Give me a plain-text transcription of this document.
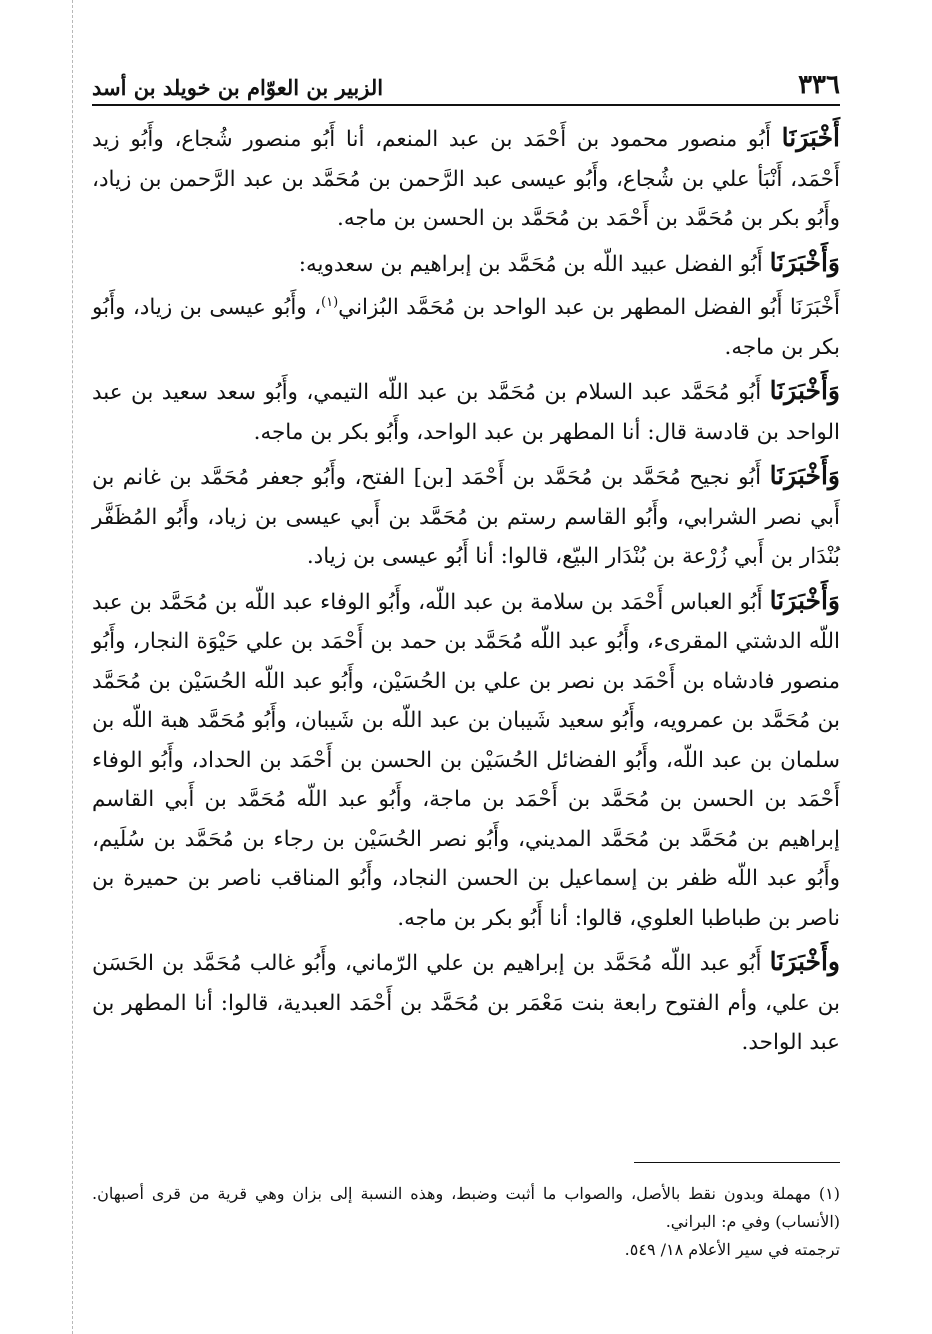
٣٣٦
الزبير بن العوّام بن خويلد بن أسد

أَخْبَرَنَا أَبُو منصور محمود بن أَحْمَد بن عبد المنعم، أنا أَبُو منصور شُجاع، وأَبُو زيد أَحْمَد، أَنْبَأ علي بن شُجاع، وأَبُو عيسى عبد الرَّحمن بن مُحَمَّد بن عبد الرَّحمن بن زياد، وأَبُو بكر بن مُحَمَّد بن أَحْمَد بن مُحَمَّد بن الحسن بن ماجه.

وَأَخْبَرَنَا أَبُو الفضل عبيد اللّه بن مُحَمَّد بن إبراهيم بن سعدويه:

أَخْبَرَنَا أَبُو الفضل المطهر بن عبد الواحد بن مُحَمَّد البُزاني$^{(١)}$، وأَبُو عيسى بن زياد، وأَبُو بكر بن ماجه.

وَأَخْبَرَنَا أَبُو مُحَمَّد عبد السلام بن مُحَمَّد بن عبد اللّه التيمي، وأَبُو سعد سعيد بن عبد الواحد بن قادسة قال: أنا المطهر بن عبد الواحد، وأَبُو بكر بن ماجه.

وَأَخْبَرَنَا أَبُو نجيح مُحَمَّد بن مُحَمَّد بن أَحْمَد [بن] الفتح، وأَبُو جعفر مُحَمَّد بن غانم بن أَبي نصر الشرابي، وأَبُو القاسم رستم بن مُحَمَّد بن أَبي عيسى بن زياد، وأَبُو المُظَفَّر بُنْدَار بن أَبي زُرْعة بن بُنْدَار البيّع، قالوا: أنا أَبُو عيسى بن زياد.

وَأَخْبَرَنَا أَبُو العباس أَحْمَد بن سلامة بن عبد اللّه، وأَبُو الوفاء عبد اللّه بن مُحَمَّد بن عبد اللّه الدشتي المقرىء، وأَبُو عبد اللّه مُحَمَّد بن حمد بن أَحْمَد بن علي حَيْوَة النجار، وأَبُو منصور فادشاه بن أَحْمَد بن نصر بن علي بن الحُسَيْن، وأَبُو عبد اللّه الحُسَيْن بن مُحَمَّد بن مُحَمَّد بن عمرويه، وأَبُو سعيد شَيبان بن عبد اللّه بن شَيبان، وأَبُو مُحَمَّد هبة اللّه بن سلمان بن عبد اللّه، وأَبُو الفضائل الحُسَيْن بن الحسن بن أَحْمَد بن الحداد، وأَبُو الوفاء أَحْمَد بن الحسن بن مُحَمَّد بن أَحْمَد بن ماجة، وأَبُو عبد اللّه مُحَمَّد بن أَبي القاسم إبراهيم بن مُحَمَّد بن مُحَمَّد المديني، وأَبُو نصر الحُسَيْن بن رجاء بن مُحَمَّد بن سُلَيم، وأَبُو عبد اللّه ظفر بن إسماعيل بن الحسن النجاد، وأَبُو المناقب ناصر بن حميرة بن ناصر بن طباطبا العلوي، قالوا: أنا أَبُو بكر بن ماجه.

وأَخْبَرَنَا أَبُو عبد اللّه مُحَمَّد بن إبراهيم بن علي الرّماني، وأَبُو غالب مُحَمَّد بن الحَسَن بن علي، وأم الفتوح رابعة بنت مَعْمَر بن مُحَمَّد بن أَحْمَد العبدية، قالوا: أنا المطهر بن عبد الواحد.

(١) مهملة وبدون نقط بالأصل، والصواب ما أثبت وضبط، وهذه النسبة إلى بزان وهي قرية من قرى أصبهان. (الأنساب) وفي م: البراني.

ترجمته في سير الأعلام ١٨/ ٥٤٩.
